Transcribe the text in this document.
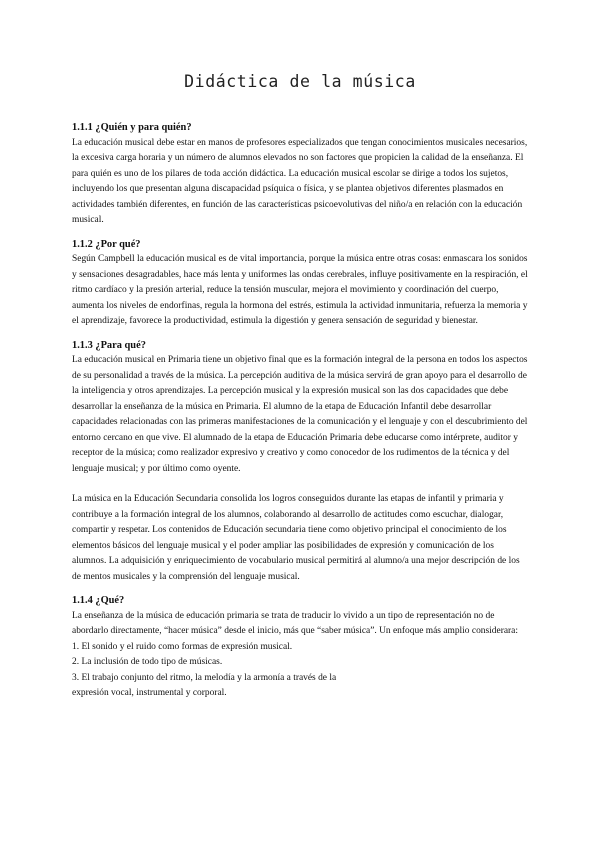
Didáctica de la música
1.1.1 ¿Quién y para quién?

La educación musical debe estar en manos de profesores especializados que tengan conocimientos musicales necesarios, la excesiva carga horaria y un número de alumnos elevados no son factores que propicien la calidad de la enseñanza. El para quién es uno de los pilares de toda acción didáctica. La educación musical escolar se dirige a todos los sujetos, incluyendo los que presentan alguna discapacidad psíquica o física, y se plantea objetivos diferentes plasmados en actividades también diferentes, en función de las características psicoevolutivas del niño/a en relación con la educación musical.

1.1.2 ¿Por qué?

Según Campbell la educación musical es de vital importancia, porque la música entre otras cosas: enmascara los sonidos y sensaciones desagradables, hace más lenta y uniformes las ondas cerebrales, influye positivamente en la respiración, el ritmo cardíaco y la presión arterial, reduce la tensión muscular, mejora el movimiento y coordinación del cuerpo, aumenta los niveles de endorfinas, regula la hormona del estrés, estimula la actividad inmunitaria, refuerza la memoria y el aprendizaje, favorece la productividad, estimula la digestión y genera sensación de seguridad y bienestar.

1.1.3 ¿Para qué?

La educación musical en Primaria tiene un objetivo final que es la formación integral de la persona en todos los aspectos de su personalidad a través de la música. La percepción auditiva de la música servirá de gran apoyo para el desarrollo de la inteligencia y otros aprendizajes. La percepción musical y la expresión musical son las dos capacidades que debe desarrollar la enseñanza de la música en Primaria. El alumno de la etapa de Educación Infantil debe desarrollar capacidades relacionadas con las primeras manifestaciones de la comunicación y el lenguaje y con el descubrimiento del entorno cercano en que vive. El alumnado de la etapa de Educación Primaria debe educarse como intérprete, auditor y receptor de la música; como realizador expresivo y creativo y como conocedor de los rudimentos de la técnica y del lenguaje musical; y por último como oyente.

La música en la Educación Secundaria consolida los logros conseguidos durante las etapas de infantil y primaria y contribuye a la formación integral de los alumnos, colaborando al desarrollo de actitudes como escuchar, dialogar, compartir y respetar. Los contenidos de Educación secundaria tiene como objetivo principal el conocimiento de los elementos básicos del lenguaje musical y el poder ampliar las posibilidades de expresión y comunicación de los alumnos. La adquisición y enriquecimiento de vocabulario musical permitirá al alumno/a una mejor descripción de los de mentos musicales y la comprensión del lenguaje musical.

1.1.4 ¿Qué?

La enseñanza de la música de educación primaria se trata de traducir lo vivido a un tipo de representación no de abordarlo directamente, “hacer música” desde el inicio, más que “saber música”. Un enfoque más amplio considerara:

1. El sonido y el ruido como formas de expresión musical.

2. La inclusión de todo tipo de músicas.

3. El trabajo conjunto del ritmo, la melodía y la armonía a través de la

expresión vocal, instrumental y corporal.
